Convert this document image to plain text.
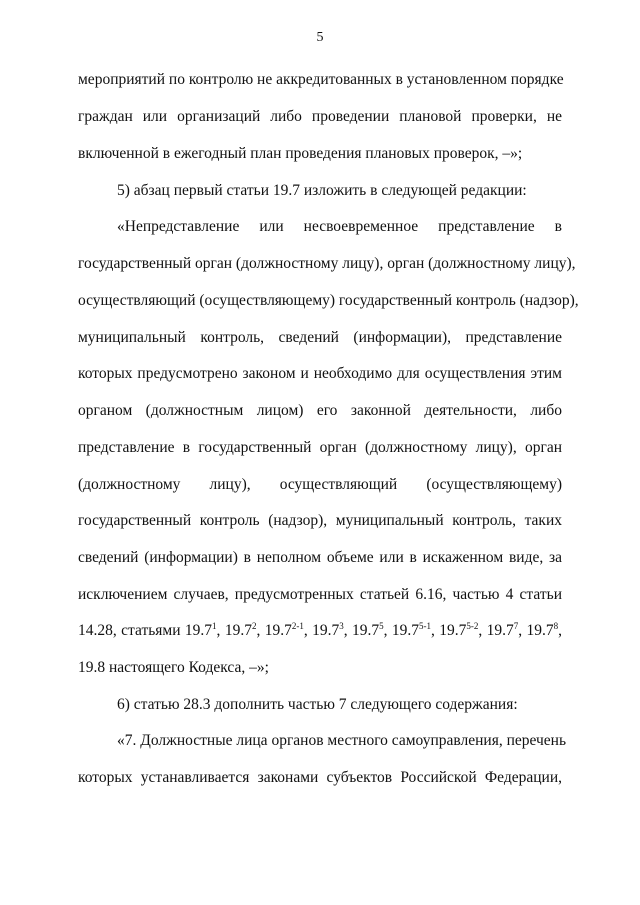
5
мероприятий по контролю не аккредитованных в установленном порядке
граждан или организаций либо проведении плановой проверки, не
включенной в ежегодный план проведения плановых проверок, –»;
5) абзац первый статьи 19.7 изложить в следующей редакции:
«Непредставление или несвоевременное представление в
государственный орган (должностному лицу), орган (должностному лицу),
осуществляющий (осуществляющему) государственный контроль (надзор),
муниципальный контроль, сведений (информации), представление
которых предусмотрено законом и необходимо для осуществления этим
органом (должностным лицом) его законной деятельности, либо
представление в государственный орган (должностному лицу), орган
(должностному лицу), осуществляющий (осуществляющему)
государственный контроль (надзор), муниципальный контроль, таких
сведений (информации) в неполном объеме или в искаженном виде, за
исключением случаев, предусмотренных статьей 6.16, частью 4 статьи
14.28, статьями 19.7$^1$, 19.7$^2$, 19.7$^{2-1}$, 19.7$^3$, 19.7$^5$, 19.7$^{5-1}$, 19.7$^{5-2}$, 19.7$^7$, 19.7$^8$,
19.8 настоящего Кодекса, –»;
6) статью 28.3 дополнить частью 7 следующего содержания:
«7. Должностные лица органов местного самоуправления, перечень
которых устанавливается законами субъектов Российской Федерации,
